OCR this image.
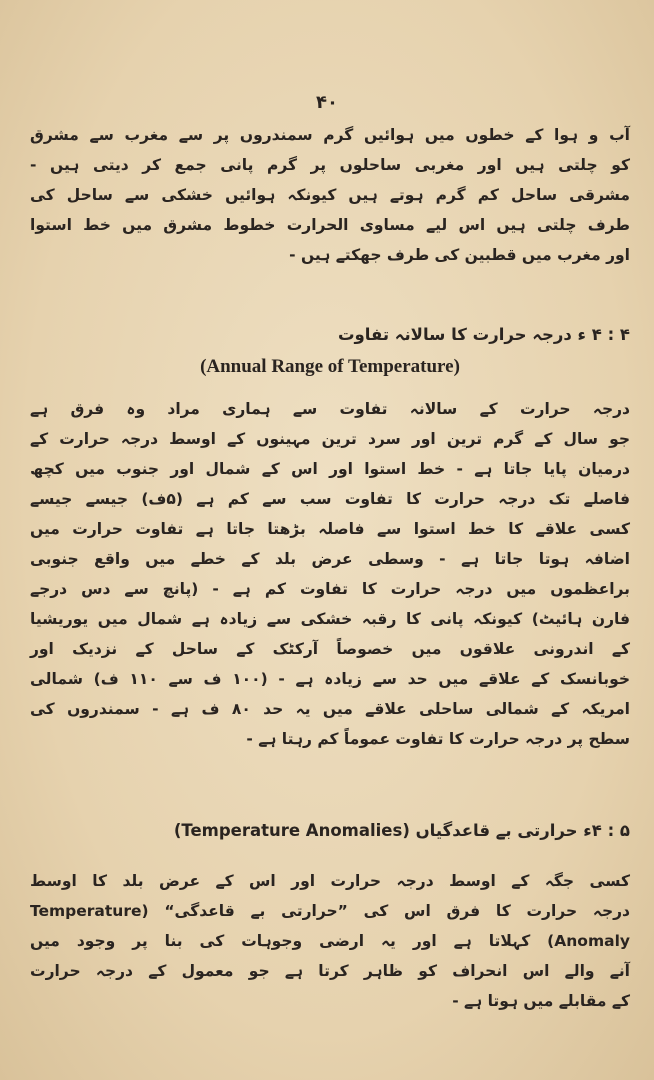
۴۰
آب و ہوا کے خطوں میں ہوائیں گرم سمندروں پر سے مغرب سے مشرق
کو چلتی ہیں اور مغربی ساحلوں پر گرم پانی جمع کر دیتی ہیں -
مشرقی ساحل کم گرم ہوتے ہیں کیونکہ ہوائیں خشکی سے ساحل کی
طرف چلتی ہیں اس لیے مساوی الحرارت خطوط مشرق میں خط استوا
اور مغرب میں قطبین کی طرف جھکتے ہیں -
۴ : ۴ ء درجہ حرارت کا سالانہ تفاوت
(Annual Range of Temperature)
درجہ حرارت کے سالانہ تفاوت سے ہماری مراد وہ فرق ہے
جو سال کے گرم ترین اور سرد ترین مہینوں کے اوسط درجہ حرارت کے
درمیان پایا جاتا ہے - خط استوا اور اس کے شمال اور جنوب میں کچھ
فاصلے تک درجہ حرارت کا تفاوت سب سے کم ہے (۵ف) جیسے جیسے
کسی علاقے کا خط استوا سے فاصلہ بڑھتا جاتا ہے تفاوت حرارت میں
اضافہ ہوتا جاتا ہے - وسطی عرض بلد کے خطے میں واقع جنوبی
براعظموں میں درجہ حرارت کا تفاوت کم ہے - (پانچ سے دس درجے
فارن ہائیٹ) کیونکہ پانی کا رقبہ خشکی سے زیادہ ہے شمال میں یوریشیا
کے اندرونی علاقوں میں خصوصاً آرکٹک کے ساحل کے نزدیک اور
خوبانسک کے علاقے میں حد سے زیادہ ہے - (۱۰۰ ف سے ۱۱۰ ف) شمالی
امریکہ کے شمالی ساحلی علاقے میں یہ حد ۸۰ ف ہے - سمندروں کی
سطح پر درجہ حرارت کا تفاوت عموماً کم رہتا ہے -
۵ : ۴ء حرارتی بے قاعدگیاں (Temperature Anomalies)
کسی جگہ کے اوسط درجہ حرارت اور اس کے عرض بلد کا اوسط
درجہ حرارت کا فرق اس کی ”حرارتی بے قاعدگی“ (Temperature
Anomaly) کہلاتا ہے اور یہ ارضی وجوہات کی بنا پر وجود میں
آنے والے اس انحراف کو ظاہر کرتا ہے جو معمول کے درجہ حرارت
کے مقابلے میں ہوتا ہے -
